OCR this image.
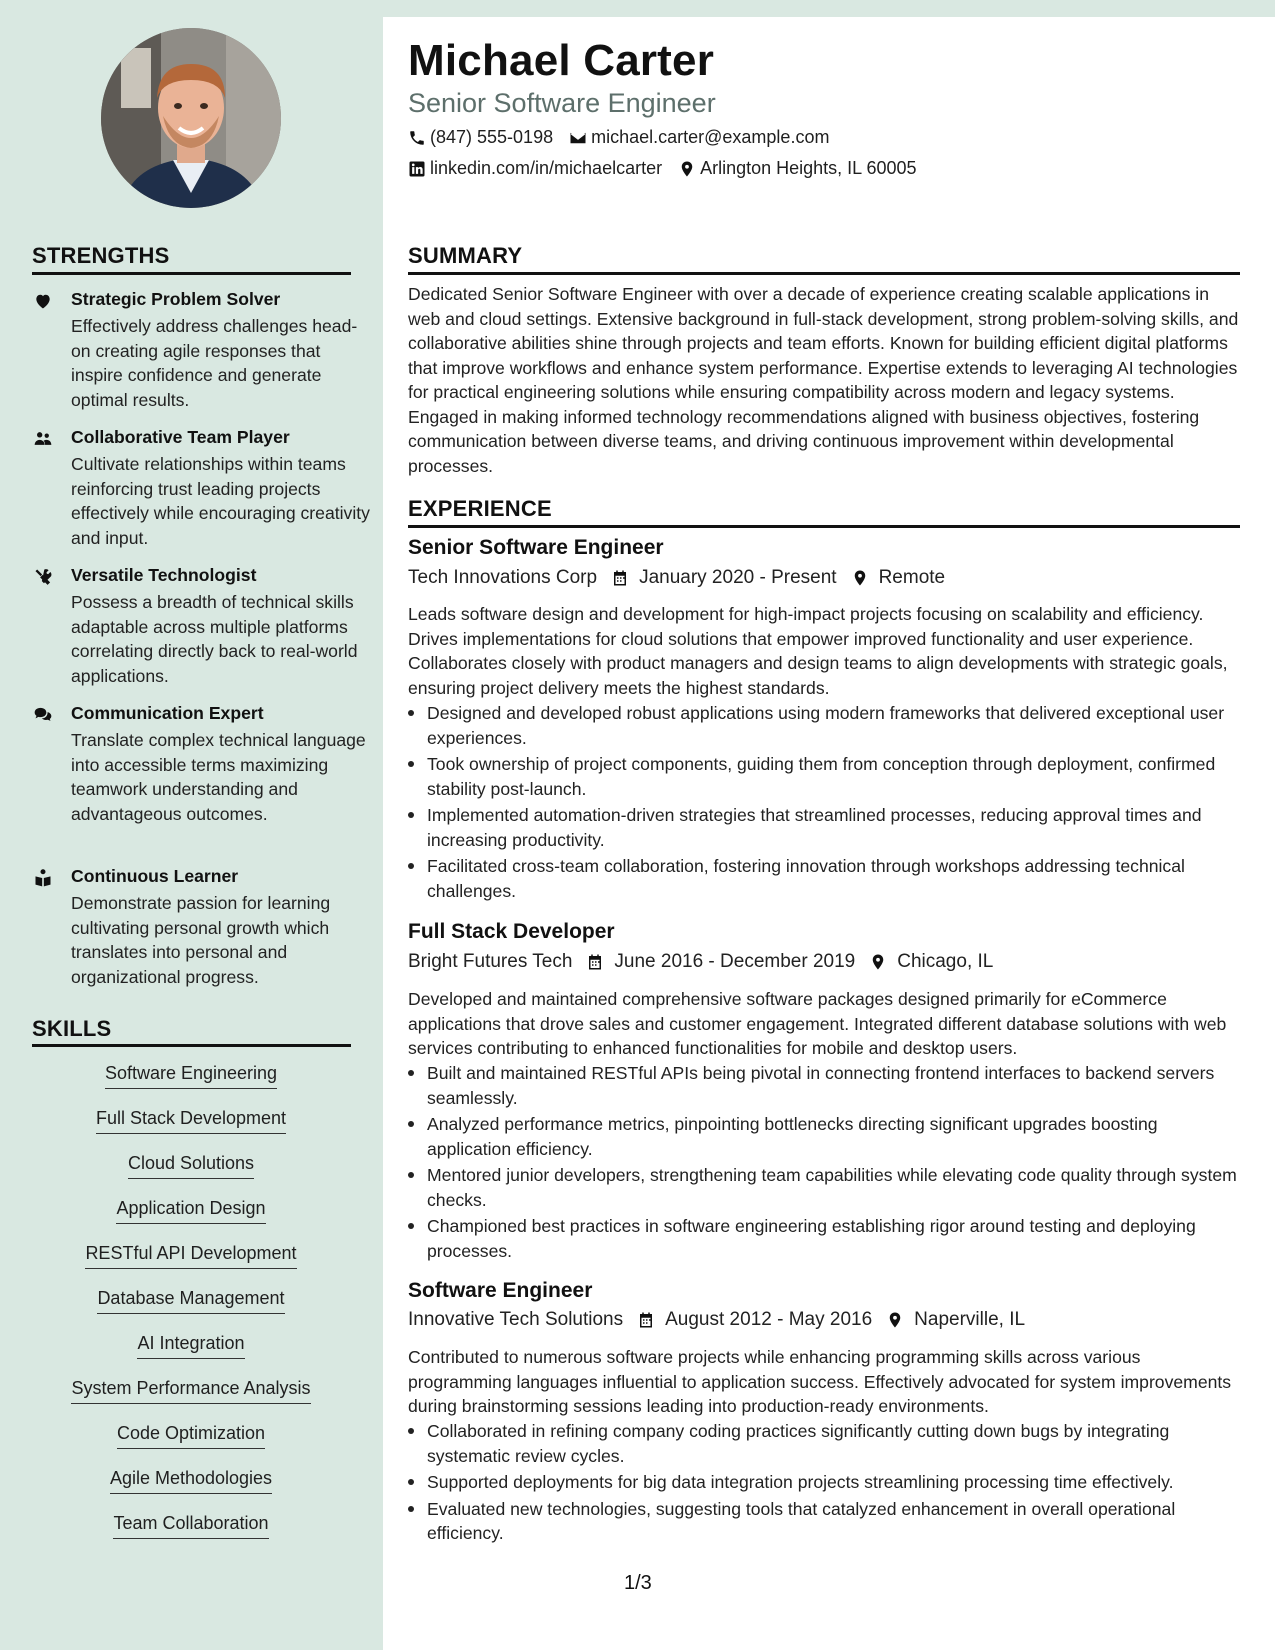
Michael Carter
Senior Software Engineer
(847) 555-0198 michael.carter@example.com
linkedin.com/in/michaelcarter Arlington Heights, IL 60005
STRENGTHS
Strategic Problem Solver
Effectively address challenges head-on creating agile responses that inspire confidence and generate optimal results.
Collaborative Team Player
Cultivate relationships within teams reinforcing trust leading projects effectively while encouraging creativity and input.
Versatile Technologist
Possess a breadth of technical skills adaptable across multiple platforms correlating directly back to real-world applications.
Communication Expert
Translate complex technical language into accessible terms maximizing teamwork understanding and advantageous outcomes.
Continuous Learner
Demonstrate passion for learning cultivating personal growth which translates into personal and organizational progress.
SKILLS
Software Engineering
Full Stack Development
Cloud Solutions
Application Design
RESTful API Development
Database Management
AI Integration
System Performance Analysis
Code Optimization
Agile Methodologies
Team Collaboration
SUMMARY
Dedicated Senior Software Engineer with over a decade of experience creating scalable applications in web and cloud settings. Extensive background in full-stack development, strong problem-solving skills, and collaborative abilities shine through projects and team efforts. Known for building efficient digital platforms that improve workflows and enhance system performance. Expertise extends to leveraging AI technologies for practical engineering solutions while ensuring compatibility across modern and legacy systems. Engaged in making informed technology recommendations aligned with business objectives, fostering communication between diverse teams, and driving continuous improvement within developmental processes.
EXPERIENCE
Senior Software Engineer
Tech Innovations Corp January 2020 - Present Remote
Leads software design and development for high-impact projects focusing on scalability and efficiency. Drives implementations for cloud solutions that empower improved functionality and user experience. Collaborates closely with product managers and design teams to align developments with strategic goals, ensuring project delivery meets the highest standards.
Designed and developed robust applications using modern frameworks that delivered exceptional user experiences.
Took ownership of project components, guiding them from conception through deployment, confirmed stability post-launch.
Implemented automation-driven strategies that streamlined processes, reducing approval times and increasing productivity.
Facilitated cross-team collaboration, fostering innovation through workshops addressing technical challenges.
Full Stack Developer
Bright Futures Tech June 2016 - December 2019 Chicago, IL
Developed and maintained comprehensive software packages designed primarily for eCommerce applications that drove sales and customer engagement. Integrated different database solutions with web services contributing to enhanced functionalities for mobile and desktop users.
Built and maintained RESTful APIs being pivotal in connecting frontend interfaces to backend servers seamlessly.
Analyzed performance metrics, pinpointing bottlenecks directing significant upgrades boosting application efficiency.
Mentored junior developers, strengthening team capabilities while elevating code quality through system checks.
Championed best practices in software engineering establishing rigor around testing and deploying processes.
Software Engineer
Innovative Tech Solutions August 2012 - May 2016 Naperville, IL
Contributed to numerous software projects while enhancing programming skills across various programming languages influential to application success. Effectively advocated for system improvements during brainstorming sessions leading into production-ready environments.
Collaborated in refining company coding practices significantly cutting down bugs by integrating systematic review cycles.
Supported deployments for big data integration projects streamlining processing time effectively.
Evaluated new technologies, suggesting tools that catalyzed enhancement in overall operational efficiency.
1/3
